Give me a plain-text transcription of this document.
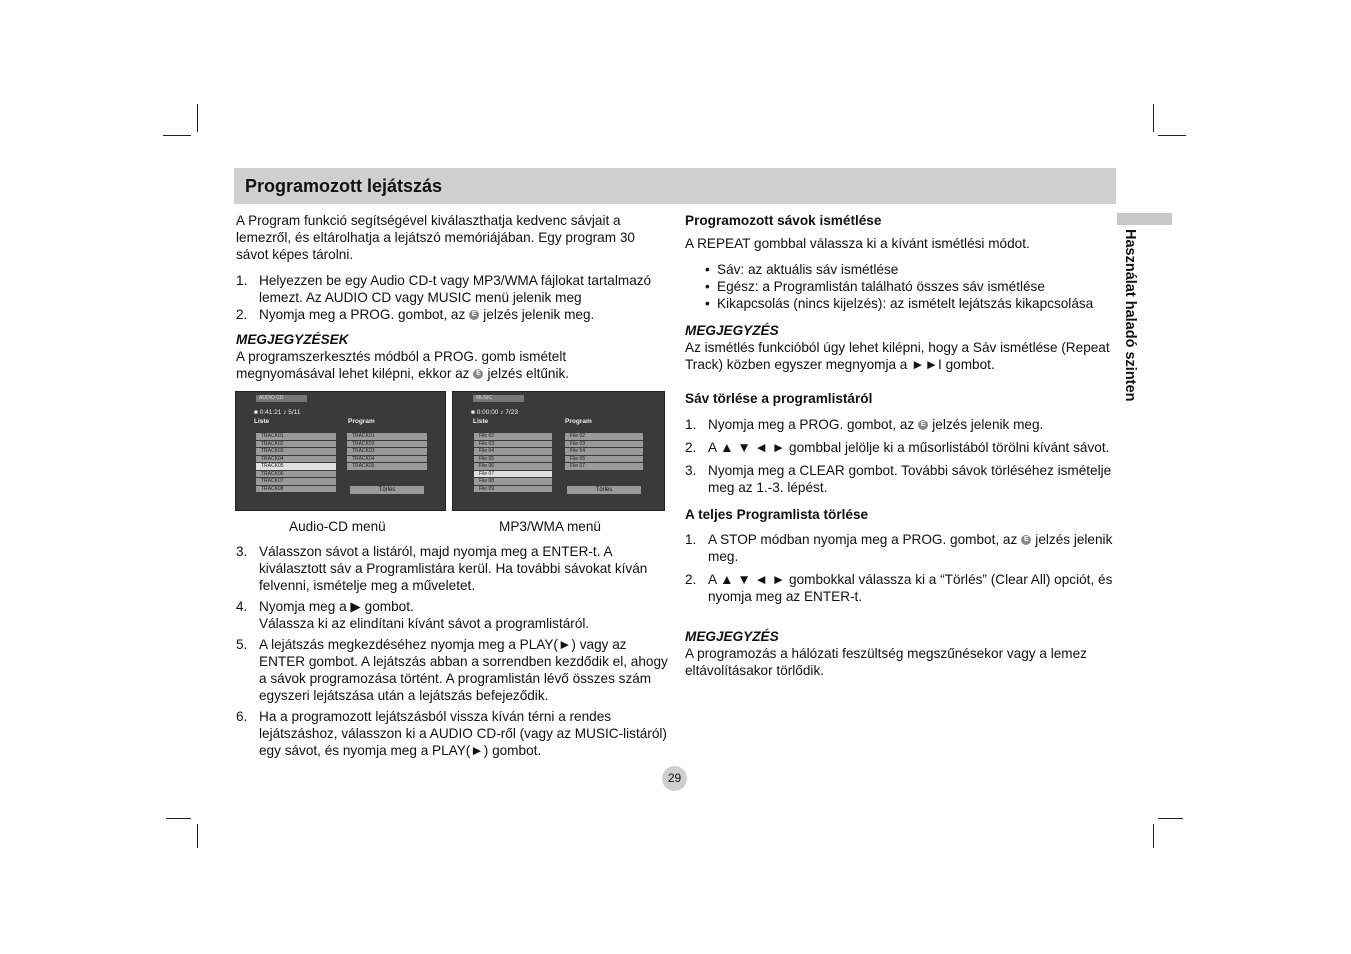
Programozott lejátszás
Használat haladó szinten

A Program funkció segítségével kiválaszthatja kedvenc sávjait a lemezről, és eltárolhatja a lejátszó memóriájában. Egy program 30 sávot képes tárolni.

1. Helyezzen be egy Audio CD-t vagy MP3/WMA fájlokat tartalmazó lemezt. Az AUDIO CD vagy MUSIC menü jelenik meg
2. Nyomja meg a PROG. gombot, az E jelzés jelenik meg.

MEGJEGYZÉSEK

A programszerkesztés módból a PROG. gomb ismételt megnyomásával lehet kilépni, ekkor az E jelzés eltűnik.

AUDIO CD
■ 0:41:21 ♪ 5/11
Liste	Program
TRACK01
TRACK02
TRACK03
TRACK04
TRACK05
TRACK06
TRACK07
TRACK08
TRACK01
TRACK02
TRACK03
TRACK04
TRACK05
Törlés
MUSIC
■ 0:00:00 ♪ 7/23
Liste	Program
File 02
File 03
File 04
File 05
File 06
File 07
File 08
File 09
File 02
File 03
File 04
File 05
File 07
Törlés
Audio-CD menü	MP3/WMA menü
3. Válasszon sávot a listáról, majd nyomja meg a ENTER-t. A kiválasztott sáv a Programlistára kerül. Ha további sávokat kíván felvenni, ismételje meg a műveletet.
4. Nyomja meg a ▶ gombot.
Válassza ki az elindítani kívánt sávot a programlistáról.
5. A lejátszás megkezdéséhez nyomja meg a PLAY(►) vagy az ENTER gombot. A lejátszás abban a sorrendben kezdődik el, ahogy a sávok programozása történt. A programlistán lévő összes szám egyszeri lejátszása után a lejátszás befejeződik.
6. Ha a programozott lejátszásból vissza kíván térni a rendes lejátszáshoz, válasszon ki a AUDIO CD-ről (vagy az MUSIC-listáról) egy sávot, és nyomja meg a PLAY(►) gombot.

Programozott sávok ismétlése

A REPEAT gombbal válassza ki a kívánt ismétlési módot.

• Sáv: az aktuális sáv ismétlése
• Egész: a Programlistán található összes sáv ismétlése
• Kikapcsolás (nincs kijelzés): az ismételt lejátszás kikapcsolása

MEGJEGYZÉS

Az ismétlés funkcióból úgy lehet kilépni, hogy a Sáv ismétlése (Repeat Track) közben egyszer megnyomja a ►►I gombot.

Sáv törlése a programlistáról

1. Nyomja meg a PROG. gombot, az E jelzés jelenik meg.
2. A ▲ ▼ ◄ ► gombbal jelölje ki a műsorlistából törölni kívánt sávot.
3. Nyomja meg a CLEAR gombot. További sávok törléséhez ismételje meg az 1.-3. lépést.

A teljes Programlista törlése

1. A STOP módban nyomja meg a PROG. gombot, az E jelzés jelenik meg.
2. A ▲ ▼ ◄ ► gombokkal válassza ki a “Törlés” (Clear All) opciót, és nyomja meg az ENTER-t.

MEGJEGYZÉS

A programozás a hálózati feszültség megszűnésekor vagy a lemez eltávolításakor törlődik.

29
